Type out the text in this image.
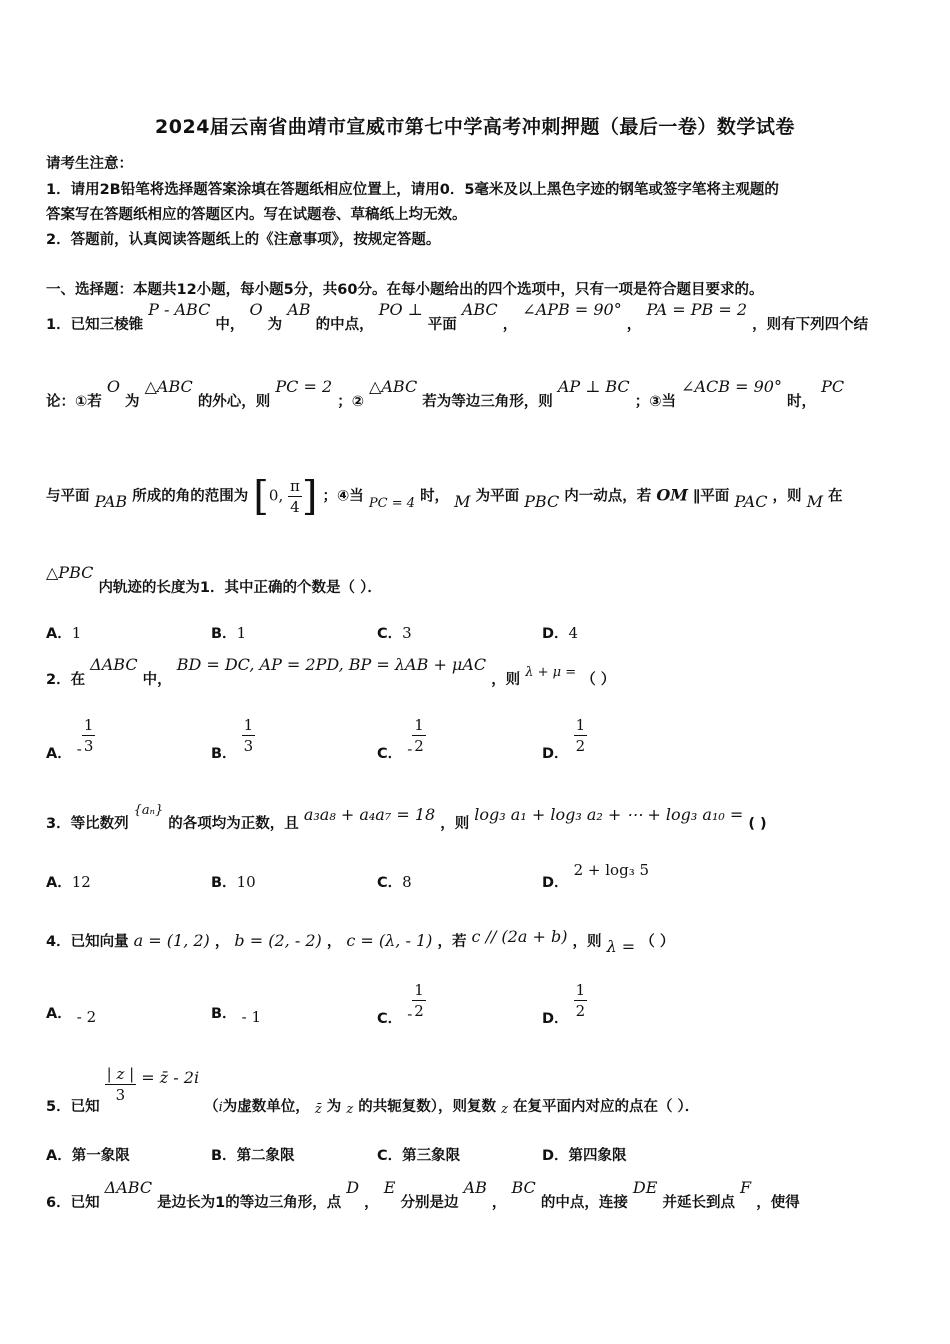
2024届云南省曲靖市宣威市第七中学高考冲刺押题（最后一卷）数学试卷
请考生注意：
1．请用2B铅笔将选择题答案涂填在答题纸相应位置上，请用0．5毫米及以上黑色字迹的钢笔或签字笔将主观题的
答案写在答题纸相应的答题区内。写在试题卷、草稿纸上均无效。
2．答题前，认真阅读答题纸上的《注意事项》，按规定答题。
一、选择题：本题共12小题，每小题5分，共60分。在每小题给出的四个选项中，只有一项是符合题目要求的。
1．已知三棱锥 P - ABC 中， O 为 AB 的中点， PO ⊥ 平面 ABC ， ∠APB = 90° ， PA = PB = 2 ，则有下列四个结
论：①若 O 为 △ABC 的外心，则 PC = 2 ；② △ABC 若为等边三角形，则 AP ⊥ BC ；③当 ∠ACB = 90° 时， PC
与平面 PAB 所成的角的范围为 [0, $\frac{\pi}{4}$ ] ；④当 PC = 4 时， M 为平面 PBC 内一动点，若 OM ∥平面 PAC ，则 M 在
△PBC 内轨迹的长度为1．其中正确的个数是（ ）．
A．1	B．1	C．3	D．4
2．在 ΔABC 中， BD = DC, AP = 2PD, BP = λAB + μAC ，则 λ + μ = （ ）
A． - $\frac{1}{3}$	B． $\frac{1}{3}$	C． - $\frac{1}{2}$	D． $\frac{1}{2}$
3．等比数列 {aₙ} 的各项均为正数，且 a₃a₈ + a₄a₇ = 18 ，则 log₃ a₁ + log₃ a₂ + ⋯ + log₃ a₁₀ = ( )
A．12	B．10	C．8	D． 2 + log₃ 5
4．已知向量 a = (1, 2) ， b = (2, - 2) ， c = (λ, - 1) ，若 c // (2a + b) ，则 λ = （ ）
A． - 2	B． - 1	C． - $\frac{1}{2}$	D． $\frac{1}{2}$
5．已知
$\frac{| z |}{3}$ = z̄ - 2i （i为虚数单位， z̄ 为 z 的共轭复数），则复数 z 在复平面内对应的点在（ ）．
A．第一象限	B．第二象限	C．第三象限	D．第四象限
6．已知 ΔABC 是边长为1的等边三角形，点 D ， E 分别是边 AB ， BC 的中点，连接 DE 并延长到点 F ，使得
